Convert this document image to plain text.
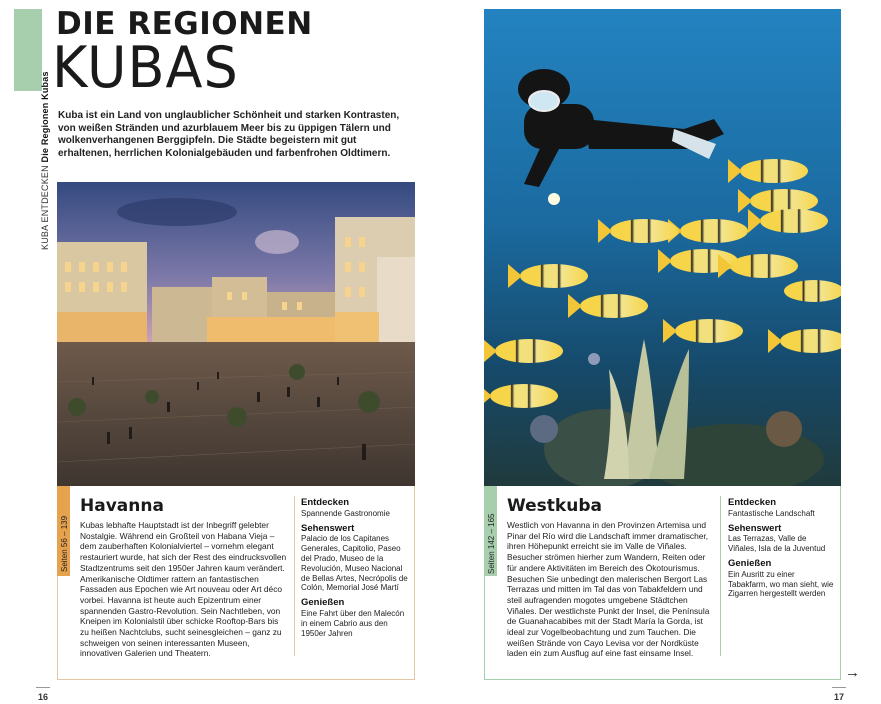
KUBA ENTDECKEN Die Regionen Kubas
DIE REGIONEN
KUBAS

Kuba ist ein Land von unglaublicher Schönheit und starken Kontrasten, von weißen Stränden und azurblauem Meer bis zu üppigen Tälern und wolkenverhangenen Berggipfeln. Die Städte begeistern mit gut erhaltenen, herrlichen Kolonialgebäuden und farbenfrohen Oldtimern.

Seiten 56 – 139
Havanna

Kubas lebhafte Hauptstadt ist der Inbegriff gelebter Nostalgie. Während ein Großteil von Habana Vieja – dem zauberhaften Kolonialviertel – vornehm elegant restauriert wurde, hat sich der Rest des eindrucksvollen Stadtzentrums seit den 1950er Jahren kaum verändert. Amerikanische Oldtimer rattern an fantastischen Fassaden aus Epochen wie Art nouveau oder Art déco vorbei. Havanna ist heute auch Epizentrum einer spannenden Gastro-Revolution. Sein Nachtleben, von Kneipen im Kolonialstil über schicke Rooftop-Bars bis zu heißen Nachtclubs, sucht seinesgleichen – ganz zu schweigen von seinen interessanten Museen, innovativen Galerien und Theatern.

Entdecken
Spannende Gastronomie
Sehenswert
Palacio de los Capitanes Generales, Capitolio, Paseo del Prado, Museo de la Revolución, Museo Nacional de Bellas Artes, Necrópolis de Colón, Memorial José Martí
Genießen
Eine Fahrt über den Malecón in einem Cabrio aus den 1950er Jahren
Seiten 142 – 165
Westkuba

Westlich von Havanna in den Provinzen Artemisa und Pinar del Río wird die Landschaft immer dramatischer, ihren Höhepunkt erreicht sie im Valle de Viñales. Besucher strömen hierher zum Wandern, Reiten oder für andere Aktivitäten im Bereich des Ökotourismus. Besuchen Sie unbedingt den malerischen Bergort Las Terrazas und mitten im Tal das von Tabakfeldern und steil aufragenden mogotes umgebene Städtchen Viñales. Der westlichste Punkt der Insel, die Península de Guanahacabibes mit der Stadt María la Gorda, ist ideal zur Vogelbeobachtung und zum Tauchen. Die weißen Strände von Cayo Levisa vor der Nordküste laden ein zum Ausflug auf eine fast einsame Insel.

Entdecken
Fantastische Landschaft
Sehenswert
Las Terrazas, Valle de Viñales, Isla de la Juventud
Genießen
Ein Ausritt zu einer Tabakfarm, wo man sieht, wie Zigarren hergestellt werden
16	17
→
